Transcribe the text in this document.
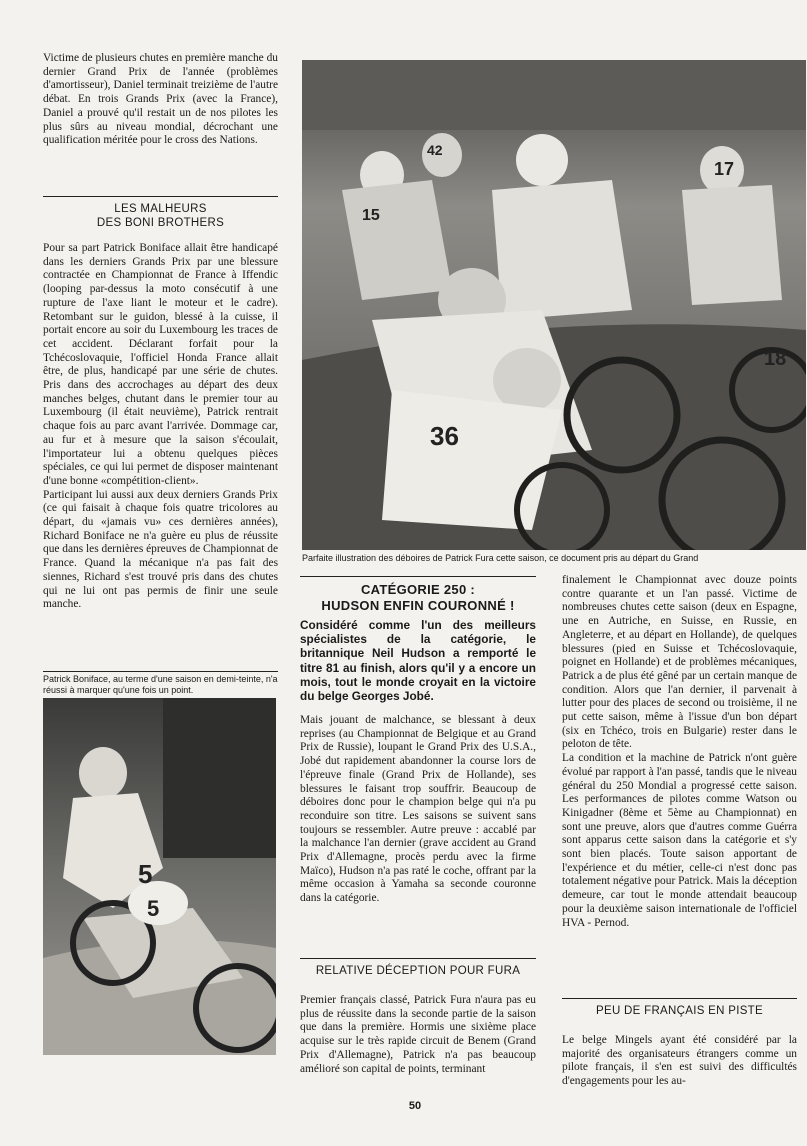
Victime de plusieurs chutes en première manche du dernier Grand Prix de l'année (problèmes d'amortisseur), Daniel terminait treizième de l'autre débat. En trois Grands Prix (avec la France), Daniel a prouvé qu'il restait un de nos pilotes les plus sûrs au niveau mondial, décrochant une qualification méritée pour le cross des Nations.
LES MALHEURS
DES BONI BROTHERS

Pour sa part Patrick Boniface allait être handicapé dans les derniers Grands Prix par une blessure contractée en Championnat de France à Iffendic (looping par-dessus la moto consécutif à une rupture de l'axe liant le moteur et le cadre). Retombant sur le guidon, blessé à la cuisse, il portait encore au soir du Luxembourg les traces de cet accident. Déclarant forfait pour la Tchécoslovaquie, l'officiel Honda France allait être, de plus, handicapé par une série de chutes. Pris dans des accrochages au départ des deux manches belges, chutant dans le premier tour au Luxembourg (il était neuvième), Patrick rentrait chaque fois au parc avant l'arrivée. Dommage car, au fur et à mesure que la saison s'écoulait, l'importateur lui a obtenu quelques pièces spéciales, ce qui lui permet de disposer maintenant d'une bonne «compétition-client».

Participant lui aussi aux deux derniers Grands Prix (ce qui faisait à chaque fois quatre tricolores au départ, du «jamais vu» ces dernières années), Richard Boniface ne n'a guère eu plus de réussite que dans les dernières épreuves de Championnat de France. Quand la mécanique n'a pas fait des siennes, Richard s'est trouvé pris dans des chutes qui ne lui ont pas permis de finir une seule manche.

Patrick Boniface, au terme d'une saison en demi-teinte, n'a réussi à marquer qu'une fois un point.
5
5
15
42
17
36
18
Parfaite illustration des déboires de Patrick Fura cette saison, ce document pris au départ du Grand
CATÉGORIE 250 :
HUDSON ENFIN COURONNÉ !
Considéré comme l'un des meilleurs spécialistes de la catégorie, le britannique Neil Hudson a remporté le titre 81 au finish, alors qu'il y a encore un mois, tout le monde croyait en la victoire du belge Georges Jobé.
Mais jouant de malchance, se blessant à deux reprises (au Championnat de Belgique et au Grand Prix de Russie), loupant le Grand Prix des U.S.A., Jobé dut rapidement abandonner la course lors de l'épreuve finale (Grand Prix de Hollande), ses blessures le faisant trop souffrir. Beaucoup de déboires donc pour le champion belge qui n'a pu reconduire son titre. Les saisons se suivent sans toujours se ressembler. Autre preuve : accablé par la malchance l'an dernier (grave accident au Grand Prix d'Allemagne, procès perdu avec la firme Maïco), Hudson n'a pas raté le coche, offrant par la même occasion à Yamaha sa seconde couronne dans la catégorie.
RELATIVE DÉCEPTION POUR FURA
Premier français classé, Patrick Fura n'aura pas eu plus de réussite dans la seconde partie de la saison que dans la première. Hormis une sixième place acquise sur le très rapide circuit de Benem (Grand Prix d'Allemagne), Patrick n'a pas beaucoup amélioré son capital de points, terminant

finalement le Championnat avec douze points contre quarante et un l'an passé. Victime de nombreuses chutes cette saison (deux en Espagne, une en Autriche, en Suisse, en Russie, en Angleterre, et au départ en Hollande), de quelques blessures (pied en Suisse et Tchécoslovaquie, poignet en Hollande) et de problèmes mécaniques, Patrick a de plus été gêné par un certain manque de condition. Alors que l'an dernier, il parvenait à lutter pour des places de second ou troisième, il ne put cette saison, même à l'issue d'un bon départ (six en Tchéco, trois en Bulgarie) rester dans le peloton de tête.

La condition et la machine de Patrick n'ont guère évolué par rapport à l'an passé, tandis que le niveau général du 250 Mondial a progressé cette saison. Les performances de pilotes comme Watson ou Kinigadner (8ème et 5ème au Championnat) en sont une preuve, alors que d'autres comme Guérra sont apparus cette saison dans la catégorie et s'y sont bien placés. Toute saison apportant de l'expérience et du métier, celle-ci n'est donc pas totalement négative pour Patrick. Mais la déception demeure, car tout le monde attendait beaucoup pour la deuxième saison internationale de l'officiel HVA - Pernod.

PEU DE FRANÇAIS EN PISTE
Le belge Mingels ayant été considéré par la majorité des organisateurs étrangers comme un pilote français, il s'en est suivi des difficultés d'engagements pour les au-
50
